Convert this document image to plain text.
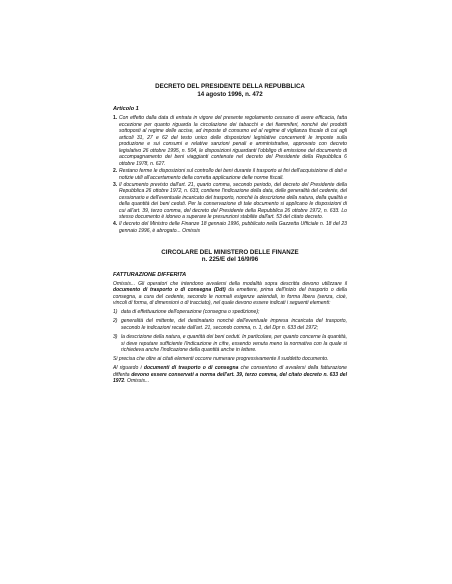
DECRETO DEL PRESIDENTE DELLA REPUBBLICA

14 agosto 1996, n. 472

Articolo 1

1. Con effetto dalla data di entrata in vigore del presente regolamento cessano di avere efficacia, fatta eccezione per quanto riguarda la circolazione dei tabacchi e dei fiammiferi, nonché dei prodotti sottoposti al regime delle accise, ad imposte di consumo ed al regime di vigilanza fiscale di cui agli articoli 31, 27 e 62 del testo unico delle disposizioni legislative concernenti le imposte sulla produzione e sui consumi e relative sanzioni penali e amministrative, approvato con decreto legislativo 26 ottobre 1995, n. 504, le disposizioni riguardanti l'obbligo di emissione del documento di accompagnamento dei beni viaggianti contenute nel decreto del Presidente della Repubblica 6 ottobre 1978, n. 627.
2. Restano ferme le disposizioni sul controllo dei beni durante il trasporto ai fini dell'acquisizione di dati e notizie utili all'accertamento della corretta applicazione delle norme fiscali.
3. Il documento previsto dall'art. 21, quarto comma, secondo periodo, del decreto del Presidente della Repubblica 26 ottobre 1972, n. 633, contiene l'indicazione della data, delle generalità del cedente, del cessionario e dell'eventuale incaricato del trasporto, nonché la descrizione della natura, della qualità e della quantità dei beni ceduti. Per la conservazione di tale documento si applicano le disposizioni di cui all'art. 39, terzo comma, del decreto del Presidente della Repubblica 26 ottobre 1972, n. 633. Lo stesso documento è idoneo a superare le presunzioni stabilite dall'art. 53 del citato decreto.
4. Il decreto del Ministro delle Finanze 18 gennaio 1996, pubblicato nella Gazzetta Ufficiale n. 18 del 23 gennaio 1996, è abrogato... Omissis

CIRCOLARE DEL MINISTERO DELLE FINANZE

n. 225/E del 16/9/96

FATTURAZIONE DIFFERITA

Omissis... Gli operatori che intendono avvalersi della modalità sopra descritta devono utilizzare il documento di trasporto o di consegna (Ddt) da emettere, prima dell'inizio del trasporto o della consegna, a cura del cedente, secondo le normali esigenze aziendali, in forma libera (senza, cioè, vincoli di forma, di dimensioni o di tracciato), nel quale devono essere indicati i seguenti elementi:

1) data di effettuazione dell'operazione (consegna o spedizione);
2) generalità del mittente, del destinatario nonché dell'eventuale impresa incaricata del trasporto, secondo le indicazioni recate dall'art. 21, secondo comma, n. 1, del Dpr n. 633 del 1972;
3) la descrizione della natura, e quantità dei beni ceduti. In particolare, per quanto concerne la quantità, si deve reputare sufficiente l'indicazione in cifre, essendo venuta meno la normativa con la quale si richiedeva anche l'indicazione della quantità anche in lettere.

Si precisa che oltre ai citati elementi occorre numerare progressivamente il suddetto documento.

Al riguardo i documenti di trasporto o di consegna che consentono di avvalersi della fatturazione differita devono essere conservati a norma dell'art. 39, terzo comma, del citato decreto n. 633 del 1972. Omissis...
